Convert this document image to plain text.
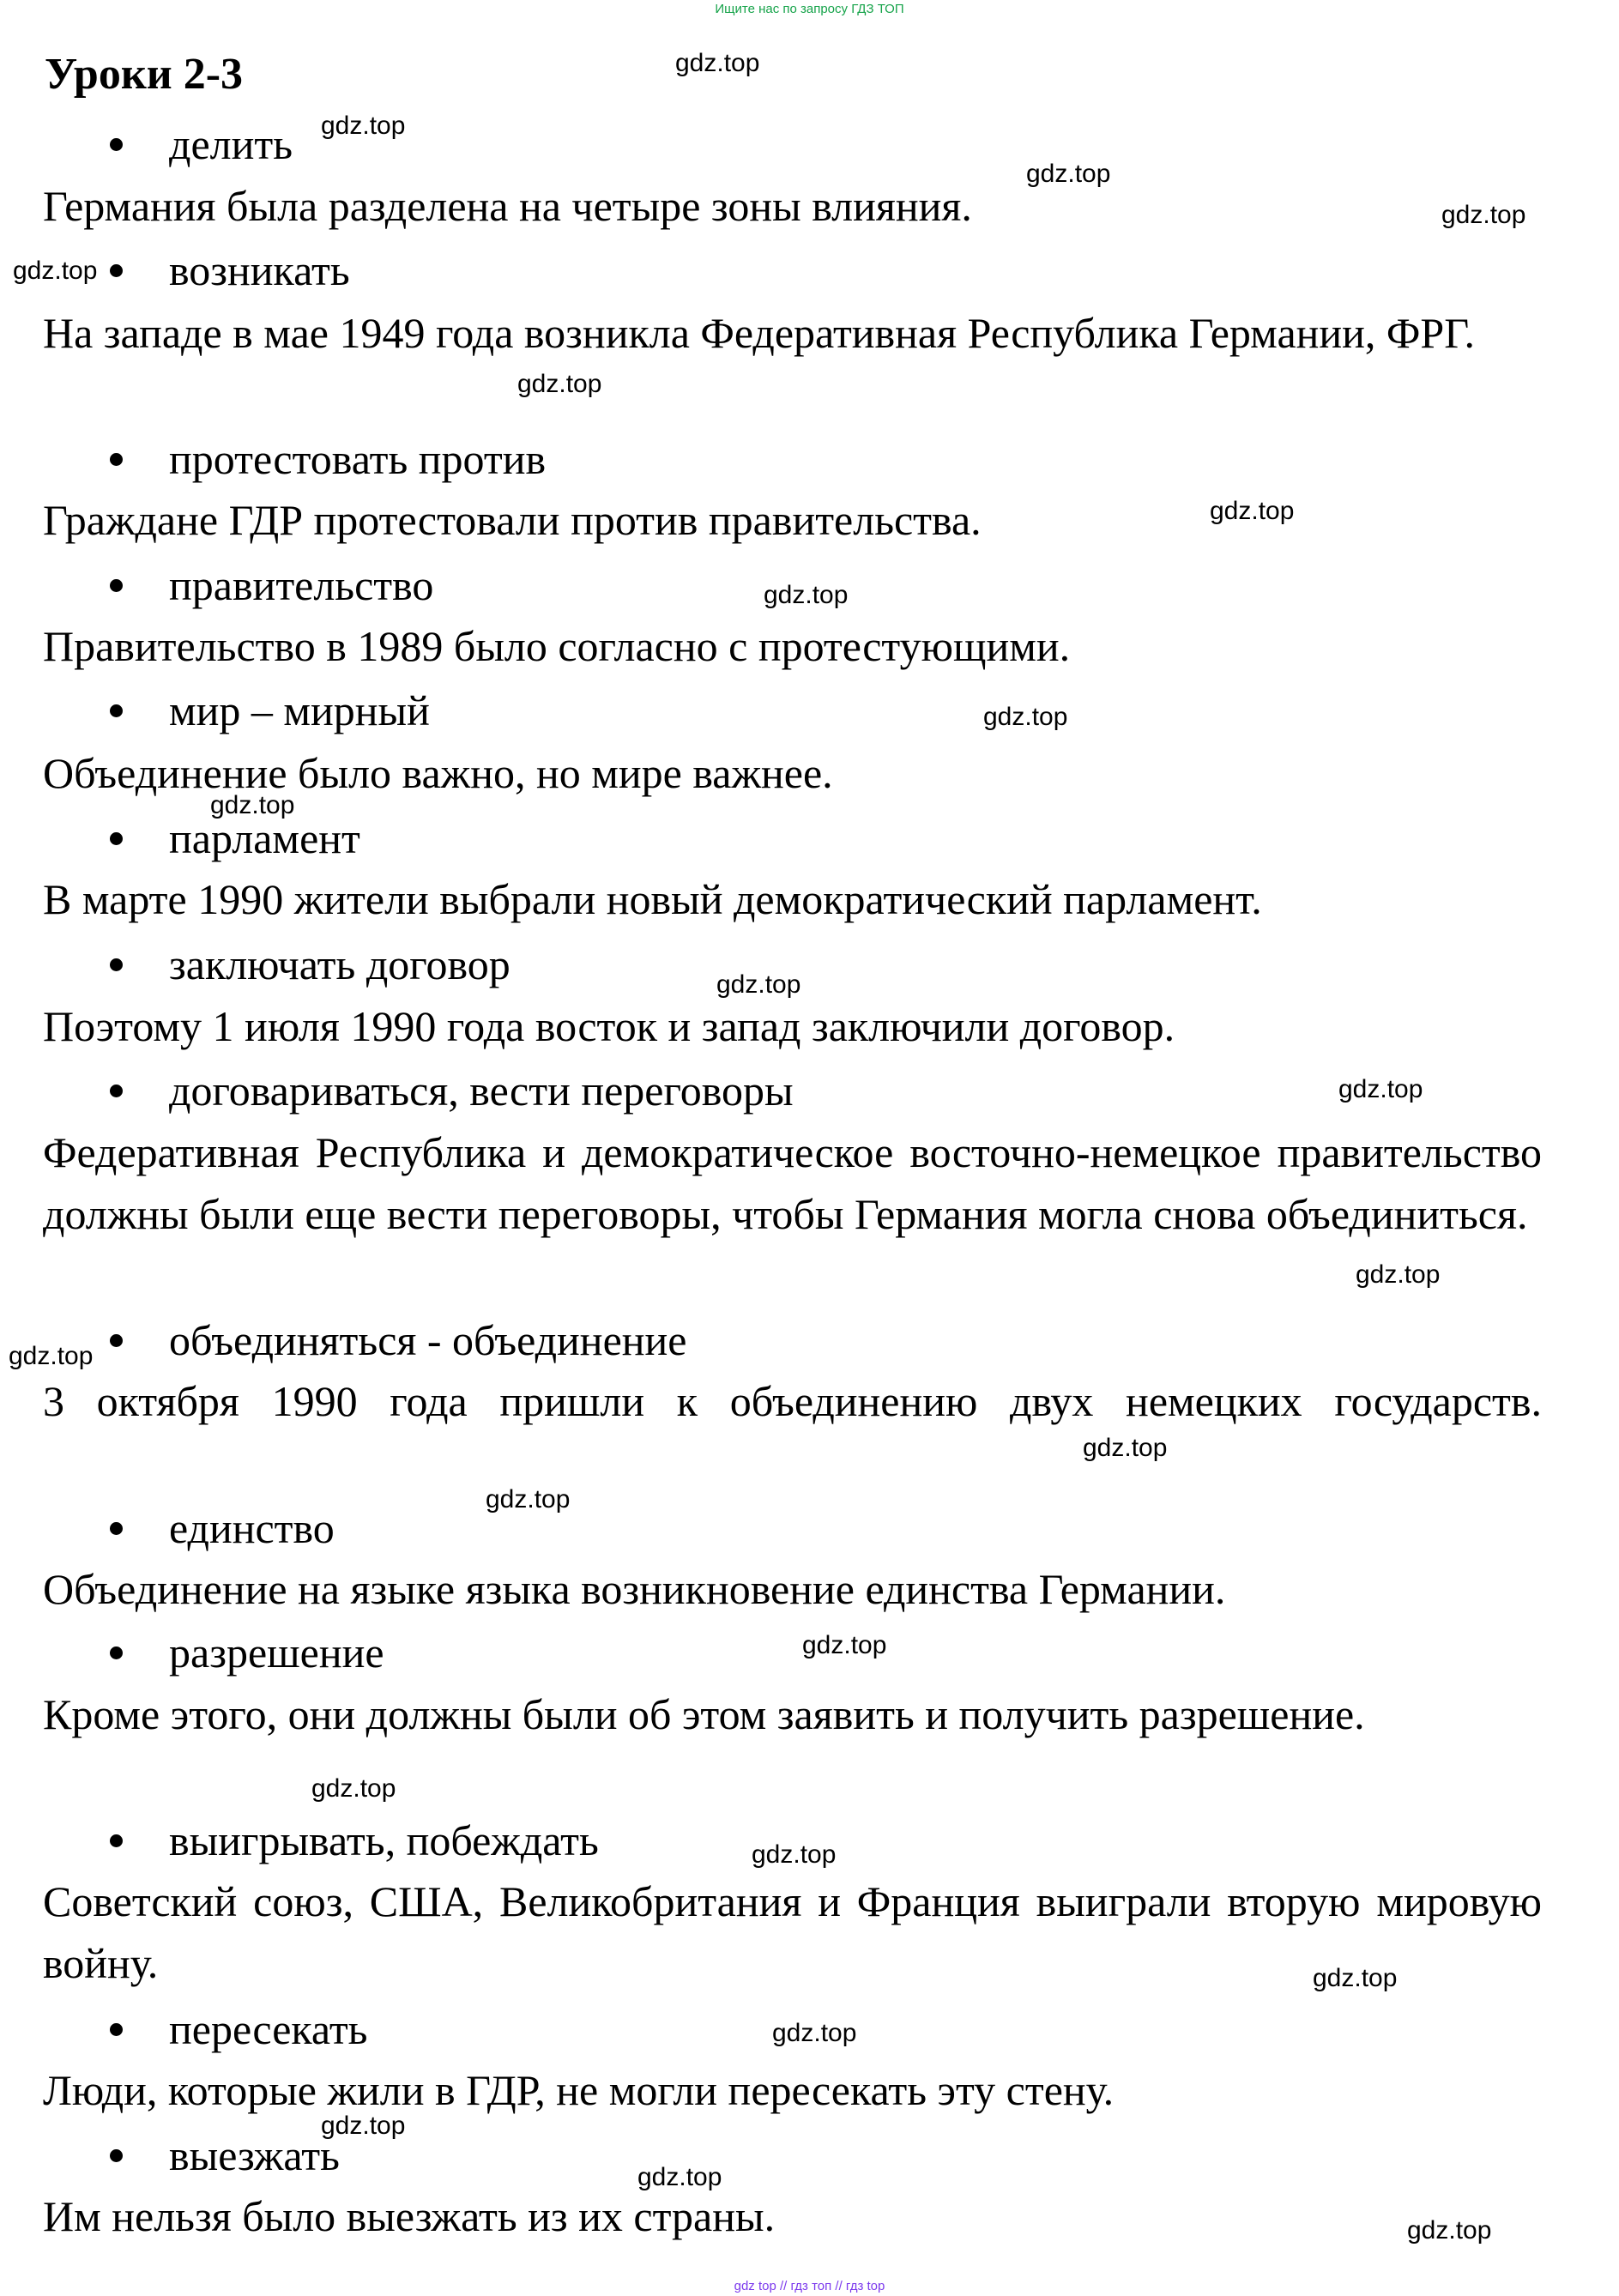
Ищите нас по запросу ГДЗ ТОП
Уроки 2-3
делить
Германия была разделена на четыре зоны влияния.
возникать
На западе в мае 1949 года возникла Федеративная Республика Германии, ФРГ.
протестовать против
Граждане ГДР протестовали против правительства.
правительство
Правительство в 1989 было согласно с протестующими.
мир – мирный
Объединение было важно, но мире важнее.
парламент
В марте 1990 жители выбрали новый демократический парламент.
заключать договор
Поэтому 1 июля 1990 года восток и запад заключили договор.
договариваться, вести переговоры
Федеративная Республика и демократическое восточно-немецкое правительство должны были еще вести переговоры, чтобы Германия могла снова объединиться.
объединяться - объединение
3 октября 1990 года пришли к объединению двух немецких государств.
единство
Объединение на языке языка возникновение единства Германии.
разрешение
Кроме этого, они должны были об этом заявить и получить разрешение.
выигрывать, побеждать
Советский союз, США, Великобритания и Франция выиграли вторую мировую войну.
пересекать
Люди, которые жили в ГДР, не могли пересекать эту стену.
выезжать
Им нельзя было выезжать из их страны.
gdz.top
gdz.top
gdz.top
gdz.top
gdz.top
gdz.top
gdz.top
gdz.top
gdz.top
gdz.top
gdz.top
gdz.top
gdz.top
gdz.top
gdz.top
gdz.top
gdz.top
gdz.top
gdz.top
gdz.top
gdz.top
gdz.top
gdz.top
gdz.top
gdz top // гдз топ // гдз top
